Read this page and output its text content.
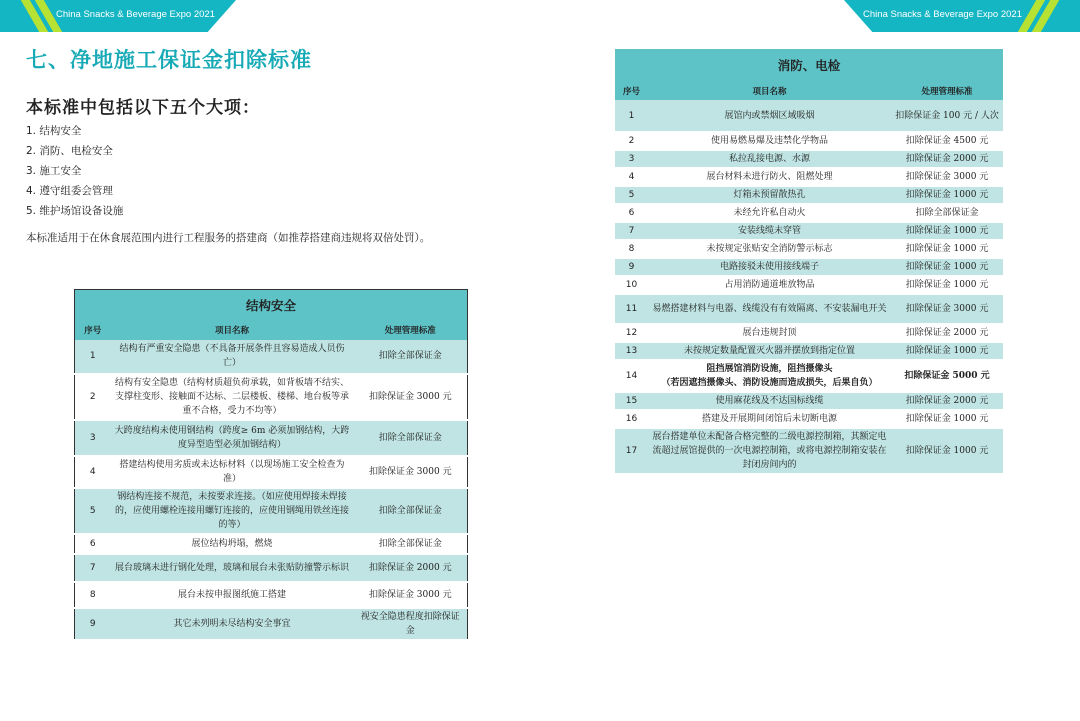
China Snacks & Beverage Expo 2021	China Snacks & Beverage Expo 2021
七、净地施工保证金扣除标准
本标准中包括以下五个大项：
1. 结构安全
2. 消防、电检安全
3. 施工安全
4. 遵守组委会管理
5. 维护场馆设备设施

本标准适用于在休食展范围内进行工程服务的搭建商（如推荐搭建商违规将双倍处罚）。

结构安全		
序号	项目名称	处理管理标准
1	结构有严重安全隐患（不具备开展条件且容易造成人员伤亡）	扣除全部保证金
2	结构有安全隐患（结构材质超负荷承载，如背板墙不结实、支撑柱变形、接触面不达标、二层楼板、楼梯、地台板等承重不合格，受力不均等）	扣除保证金 3000 元
3	大跨度结构未使用钢结构（跨度≥ 6m 必须加钢结构，大跨度异型造型必须加钢结构）	扣除全部保证金
4	搭建结构使用劣质或未达标材料（以现场施工安全检查为准）	扣除保证金 3000 元
5	钢结构连接不规范，未按要求连接。（如应使用焊接未焊接的，应使用螺栓连接用螺钉连接的，应使用钢绳用铁丝连接的等）	扣除全部保证金
6	展位结构坍塌，燃烧	扣除全部保证金
7	展台玻璃未进行钢化处理，玻璃和展台未张贴防撞警示标识	扣除保证金 2000 元
8	展台未按申报图纸施工搭建	扣除保证金 3000 元
9	其它未列明未尽结构安全事宜	视安全隐患程度扣除保证金
消防、电检		
序号	项目名称	处理管理标准
1	展馆内或禁烟区域吸烟	扣除保证金 100 元 / 人次
2	使用易燃易爆及违禁化学物品	扣除保证金 4500 元
3	私拉乱接电源、水源	扣除保证金 2000 元
4	展台材料未进行防火、阻燃处理	扣除保证金 3000 元
5	灯箱未预留散热孔	扣除保证金 1000 元
6	未经允许私自动火	扣除全部保证金
7	安装线缆未穿管	扣除保证金 1000 元
8	未按规定张贴安全消防警示标志	扣除保证金 1000 元
9	电路接驳未使用接线端子	扣除保证金 1000 元
10	占用消防通道堆放物品	扣除保证金 1000 元
11	易燃搭建材料与电器、线缆没有有效隔离、不安装漏电开关	扣除保证金 3000 元
12	展台违规封顶	扣除保证金 2000 元
13	未按规定数量配置灭火器并摆放到指定位置	扣除保证金 1000 元
14	阻挡展馆消防设施，阻挡摄像头
（若因遮挡摄像头、消防设施而造成损失，后果自负）	扣除保证金 5000 元
15	使用麻花线及不达国标线缆	扣除保证金 2000 元
16	搭建及开展期间闭馆后未切断电源	扣除保证金 1000 元
17	展台搭建单位未配备合格完整的二级电源控制箱，其额定电流超过展馆提供的一次电源控制箱，或将电源控制箱安装在封闭房间内的	扣除保证金 1000 元
